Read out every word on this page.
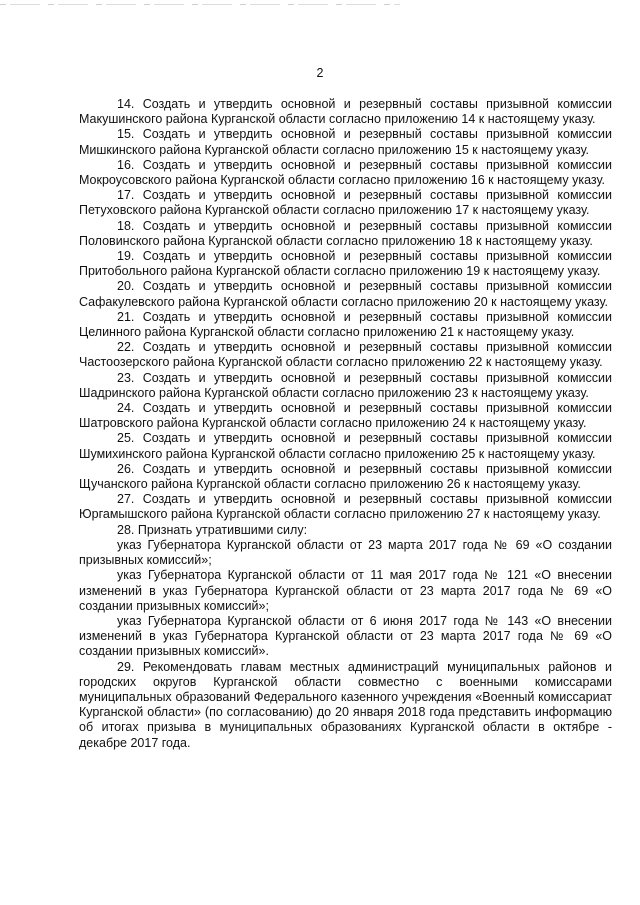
2

14. Создать и утвердить основной и резервный составы призывной комиссии Макушинского района Курганской области согласно приложению 14 к настоящему указу.

15. Создать и утвердить основной и резервный составы призывной комиссии Мишкинского района Курганской области согласно приложению 15 к настоящему указу.

16. Создать и утвердить основной и резервный составы призывной комиссии Мокроусовского района Курганской области согласно приложению 16 к настоящему указу.

17. Создать и утвердить основной и резервный составы призывной комиссии Петуховского района Курганской области согласно приложению 17 к настоящему указу.

18. Создать и утвердить основной и резервный составы призывной комиссии Половинского района Курганской области согласно приложению 18 к настоящему указу.

19. Создать и утвердить основной и резервный составы призывной комиссии Притобольного района Курганской области согласно приложению 19 к настоящему указу.

20. Создать и утвердить основной и резервный составы призывной комиссии Сафакулевского района Курганской области согласно приложению 20 к настоящему указу.

21. Создать и утвердить основной и резервный составы призывной комиссии Целинного района Курганской области согласно приложению 21 к настоящему указу.

22. Создать и утвердить основной и резервный составы призывной комиссии Частоозерского района Курганской области согласно приложению 22 к настоящему указу.

23. Создать и утвердить основной и резервный составы призывной комиссии Шадринского района Курганской области согласно приложению 23 к настоящему указу.

24. Создать и утвердить основной и резервный составы призывной комиссии Шатровского района Курганской области согласно приложению 24 к настоящему указу.

25. Создать и утвердить основной и резервный составы призывной комиссии Шумихинского района Курганской области согласно приложению 25 к настоящему указу.

26. Создать и утвердить основной и резервный составы призывной комиссии Щучанского района Курганской области согласно приложению 26 к настоящему указу.

27. Создать и утвердить основной и резервный составы призывной комиссии Юргамышского района Курганской области согласно приложению 27 к настоящему указу.

28. Признать утратившими силу:

указ Губернатора Курганской области от 23 марта 2017 года № 69 «О создании призывных комиссий»;

указ Губернатора Курганской области от 11 мая 2017 года № 121 «О внесении изменений в указ Губернатора Курганской области от 23 марта 2017 года № 69 «О создании призывных комиссий»;

указ Губернатора Курганской области от 6 июня 2017 года № 143 «О внесении изменений в указ Губернатора Курганской области от 23 марта 2017 года № 69 «О создании призывных комиссий».

29. Рекомендовать главам местных администраций муниципальных районов и городских округов Курганской области совместно с военными комиссарами муниципальных образований Федерального казенного учреждения «Военный комиссариат Курганской области» (по согласованию) до 20 января 2018 года представить информацию об итогах призыва в муниципальных образованиях Курганской области в октябре - декабре 2017 года.
